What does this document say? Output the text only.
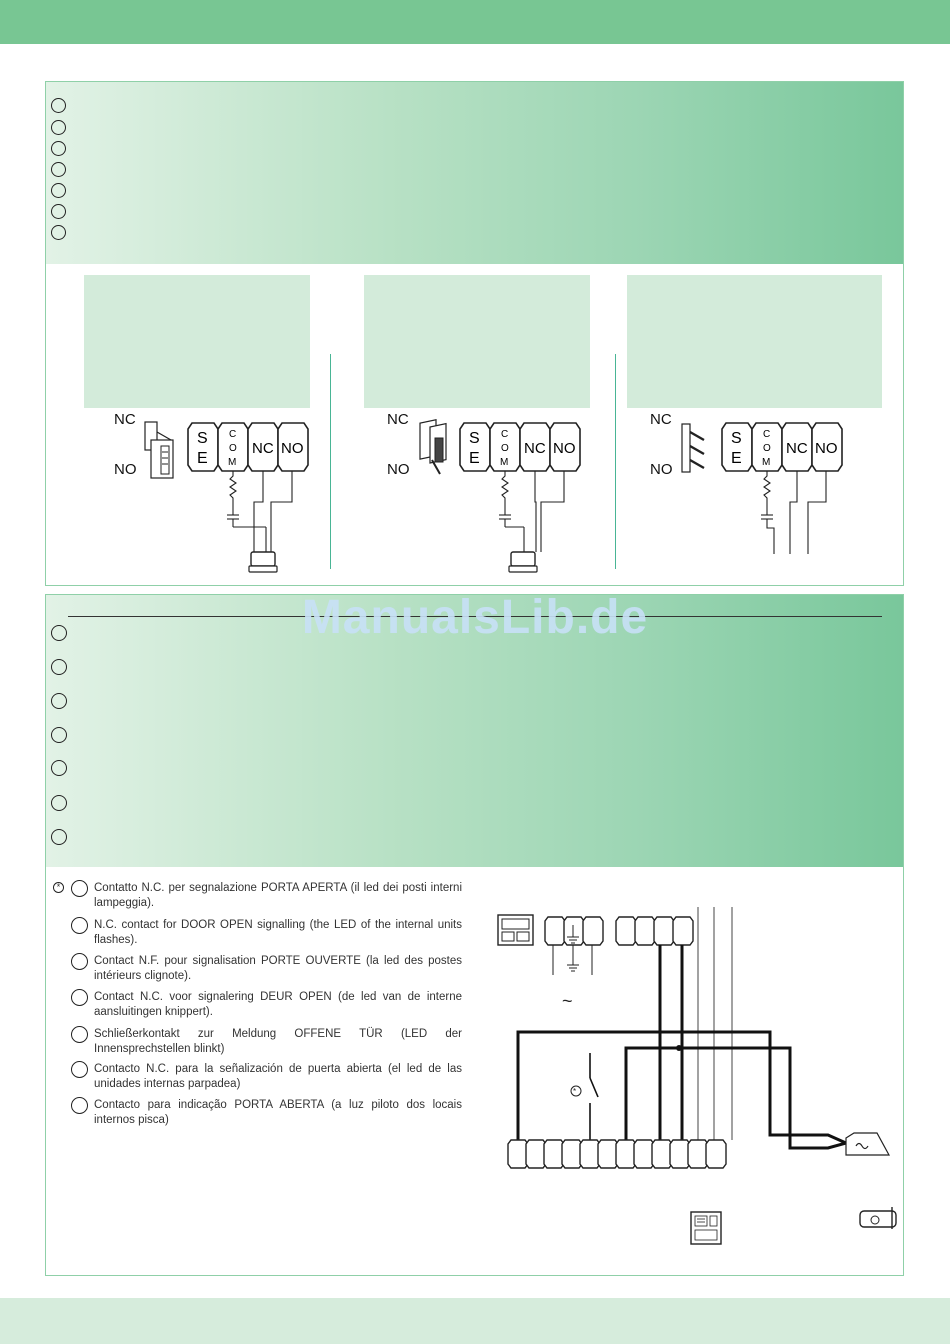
NC
NO
NC
NO
NC
NO
S
E
C
O
M
NC NO
S
E
C
O
M
NC NO
S
E
C
O
M
NC NO
*	Contatto N.C. per segnalazione PORTA APERTA (il led dei posti interni lampeggia).
N.C. contact for DOOR OPEN signalling (the LED of the internal units flashes).
Contact N.F. pour signalisation PORTE OUVERTE (la led des postes intérieurs clignote).
Contact N.C. voor signalering DEUR OPEN (de led van de interne aansluitingen knippert).
Schließerkontakt zur Meldung OFFENE TÜR (LED der Innensprechstellen blinkt)
Contacto N.C. para la señalización de puerta abierta (el led de las unidades internas parpadea)
Contacto para indicação PORTA ABERTA (a luz piloto dos locais internos pisca)
~
*
ManualsLib.de
